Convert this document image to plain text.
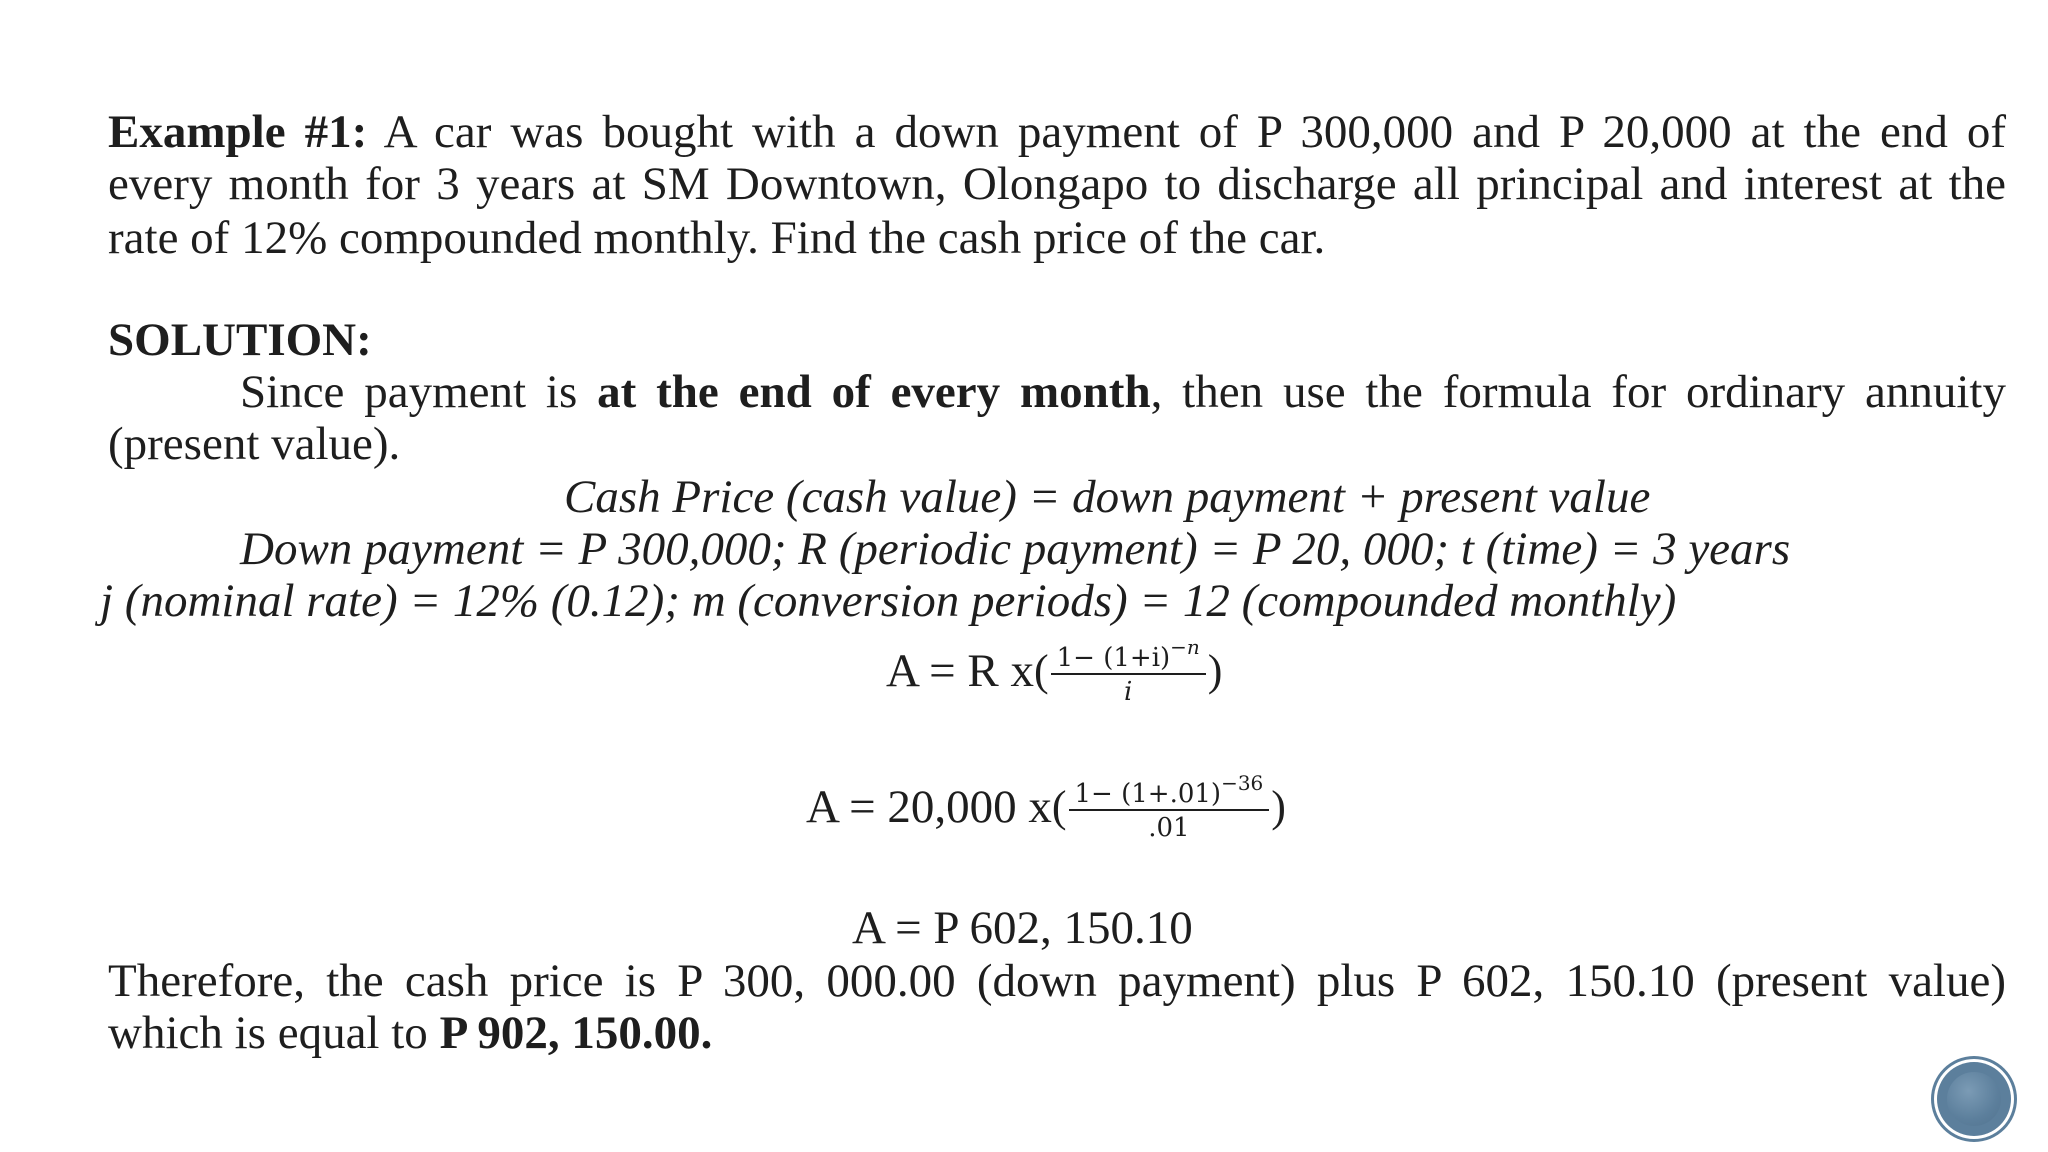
Example #1: A car was bought with a down payment of P 300,000 and P 20,000 at the end of
every month for 3 years at SM Downtown, Olongapo to discharge all principal and interest at the
rate of 12% compounded monthly. Find the cash price of the car.
SOLUTION:
Since payment is at the end of every month, then use the formula for ordinary annuity
(present value).
Cash Price (cash value) = down payment + present value
Down payment = P 300,000; R (periodic payment) = P 20, 000; t (time) = 3 years
j (nominal rate) = 12% (0.12); m (conversion periods) = 12 (compounded monthly)
A = R x ( $\frac{1- (1+i)^{-n}}{i}$ )
A = 20,000 x ( $\frac{1- (1+.01)^{-36}}{.01}$ )
A = P 602, 150.10
Therefore, the cash price is P 300, 000.00 (down payment) plus P 602, 150.10 (present value)
which is equal to P 902, 150.00.
